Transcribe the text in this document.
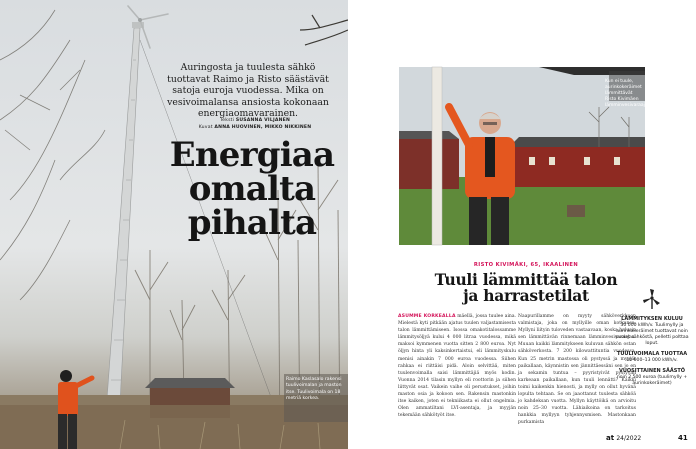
Auringosta ja tuulesta sähkö tuottavat Raimo ja Risto säästävät satoja euroja vuodessa. Mika on vesivoimalansa ansiosta kokonaan energiaomavarainen.
Teksti SUSANNA VILJANEN
Kuvat ANNA HUOVINEN, MIKKO NIKKINEN
Energiaa
omalta
pihalta
Raimo Kaslasalo rakensi tuulivoimalan ja maston itse. Tuulivoimala on 18 metriä korkea.
Kun ei tuule, aurinkokeräimet lämmittävät Risto Kivimäen lämminvesivaraajaa.
RISTO KIVIMÄKI, 65, IKAALINEN
Tuuli lämmittää talon
ja harrastetilat
ASUMME KORKEALLA mäellä, jossa tuulee aina. Mielestä kyti pitkään ajatus tuulen valjastamisesta talon lämmittämiseen. Isossa omakotitalossamme lämmitysöljyä kului 4 000 litraa vuodessa, mikä maksoi kymmenen vuotta sitten 2 800 euroa. Nyt öljyn hinta yli kaksinkertaistui, eli lämmityskulu menisi ainakin 7 000 euroa vuodessa. Siihen rahkaa ei riittäisi pidä. Aloin selvittää, miten tuulenvoimalla saisi lämmittäjiä myös kodin. Vuonna 2014 tilasin myllyn eli roottorin ja siihen liittyvät osat. Vaikein vaihe oli perustukset, joihin maston osia ja kokoon sen. Rakensin mastonkin itse kaiken, joten ei tekniikasta ei ollut ongelmia. Olen ammatiltani LVI-asentaja, ja myyjän tekemään sähkötyöt itse.
Naapurillamme on myyty sähköverkkoon valmistaja, joka on myllyille oman kotkansa. Myllyni liityin tuloveden vastaavaan, koska halusin sen lämmittävän rinnemaan lämminvesivaraajaa. Muuan kaikki lämmitykseen kuluvan sähkön ostan sähköverkosta. 7 200 kilowattituntia vuodessa. Kun 25 metrin mastossa oli pystyssä ja myyjät paikallaan, käynnistin sen jännittäessäni sen jo en ja sekamin tuntua – pyyristyivät pystyvän karkeaan paikallaan, kun tuuli lennätti? Kaikki toimi kaikenkin hienosti, ja mylly on ollut hyvänä lopulta tehtaan. Se on jaaottanut tuulesta sähköä jo kahdeksan vuotta. Myllyn käyttöikä on arvioitu noin 25–30 vuotta. Lähiaikoina on tarkoitus hankkia myllyyn tyhjennysmisen. Mastonkaan purkamista
LÄMMITYKSEN KULUU
30 000 kWh/v. Tuulimylly ja aurinkokeräimet tuottavat noin puolet sähköstä, pelletti polttaa loput.
TUULIVOIMALA TUOTTAA
10 000–13 000 kWh/v.
VUOSITTAINEN SÄÄSTÖ
noin 2 500 euroa (tuulimylly + aurinkokeräimet)
at 24/2022	41
